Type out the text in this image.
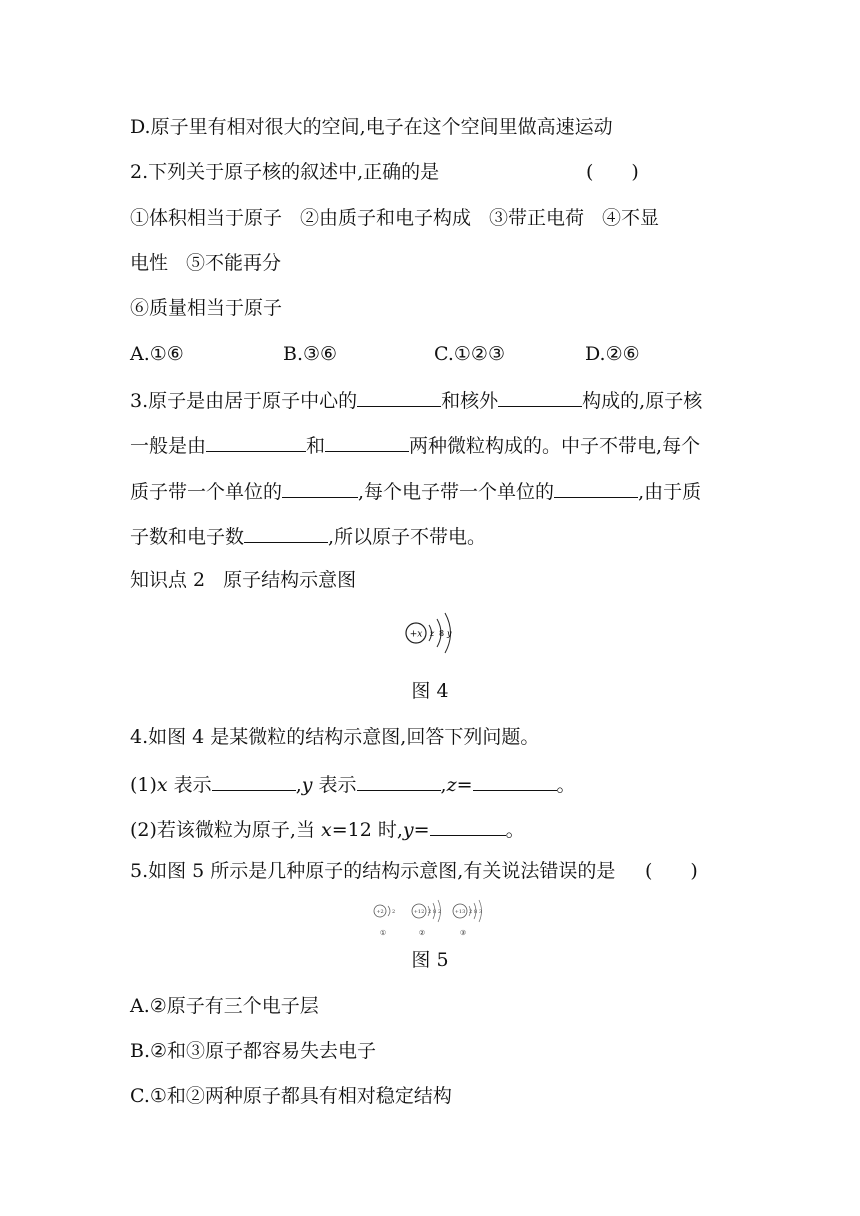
D.原子里有相对很大的空间,电子在这个空间里做高速运动
2.下列关于原子核的叙述中,正确的是	(　　)
①体积相当于原子 ②由质子和电子构成 ③带正电荷 ④不显
电性 ⑤不能再分
⑥质量相当于原子
A.①⑥	B.③⑥	C.①②③	D.②⑥
3.原子是由居于原子中心的	和核外	构成的,原子核
一般是由	和	两种微粒构成的。中子不带电,每个
质子带一个单位的	,每个电子带一个单位的	,由于质
子数和电子数	,所以原子不带电。
知识点 2 原子结构示意图
+x z 8 y
图 4
4.如图 4 是某微粒的结构示意图,回答下列问题。
(1)x 表示	,y 表示	,z=	。
(2)若该微粒为原子,当 x=12 时,y=	。
5.如图 5 所示是几种原子的结构示意图,有关说法错误的是 (　　)
+2 2
①
+12 2 8 2
②
+13 2 8 3
③
图 5
A.②原子有三个电子层
B.②和③原子都容易失去电子
C.①和②两种原子都具有相对稳定结构
